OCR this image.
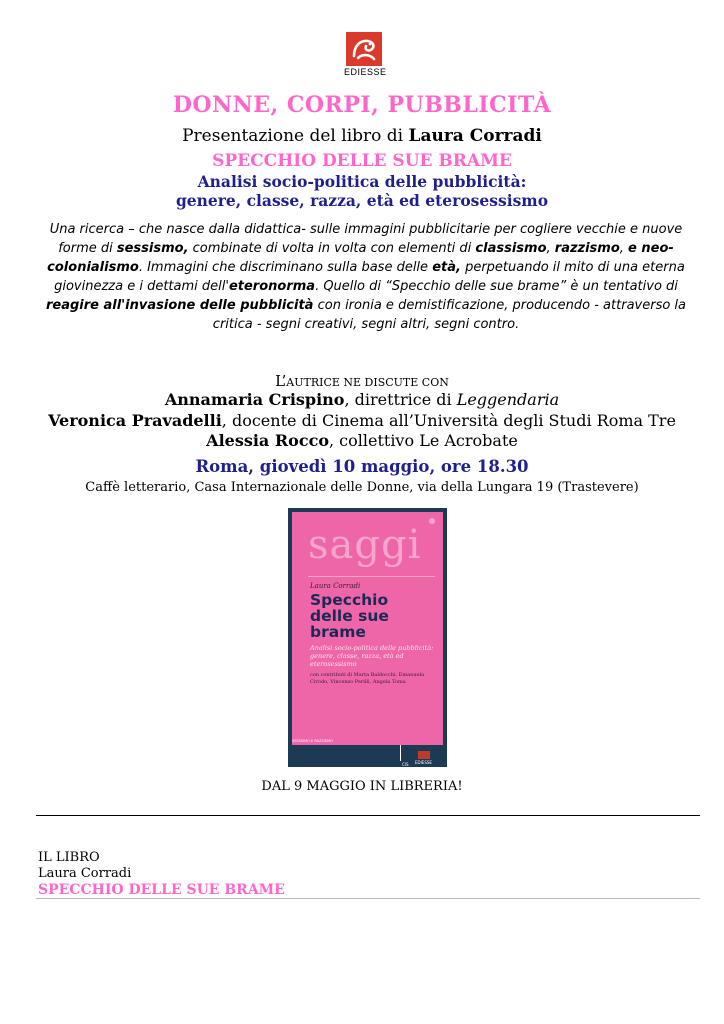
EDIESSE
DONNE, CORPI, PUBBLICITÀ
Presentazione del libro di Laura Corradi
SPECCHIO DELLE SUE BRAME
Analisi socio-politica delle pubblicità:
genere, classe, razza, età ed eterosessismo
Una ricerca – che nasce dalla didattica- sulle immagini pubblicitarie per cogliere vecchie e nuove forme di sessismo, combinate di volta in volta con elementi di classismo, razzismo, e neo-colonialismo. Immagini che discriminano sulla base delle età, perpetuando il mito di una eterna giovinezza e i dettami dell'eteronorma. Quello di “Specchio delle sue brame” è un tentativo di reagire all'invasione delle pubblicità con ironia e demistificazione, producendo - attraverso la critica - segni creativi, segni altri, segni contro.
L’AUTRICE NE DISCUTE CON
Annamaria Crispino, direttrice di Leggendaria
Veronica Pravadelli, docente di Cinema all’Università degli Studi Roma Tre
Alessia Rocco, collettivo Le Acrobate
Roma, giovedì 10 maggio, ore 18.30
Caffè letterario, Casa Internazionale delle Donne, via della Lungara 19 (Trastevere)
saggi
Laura Corradi
Specchio
delle sue
brame
Analisi socio-politica delle pubblicità: genere, classe, razza, età ed eterosessismo
con contributi di Marta Baldocchi, Emanuela Cirodo, Vincenzo Perilli, Angela Toma
SESSISMO E RAZZISMO
CIS EDIESSE
DAL 9 MAGGIO IN LIBRERIA!
IL LIBRO
Laura Corradi
SPECCHIO DELLE SUE BRAME
